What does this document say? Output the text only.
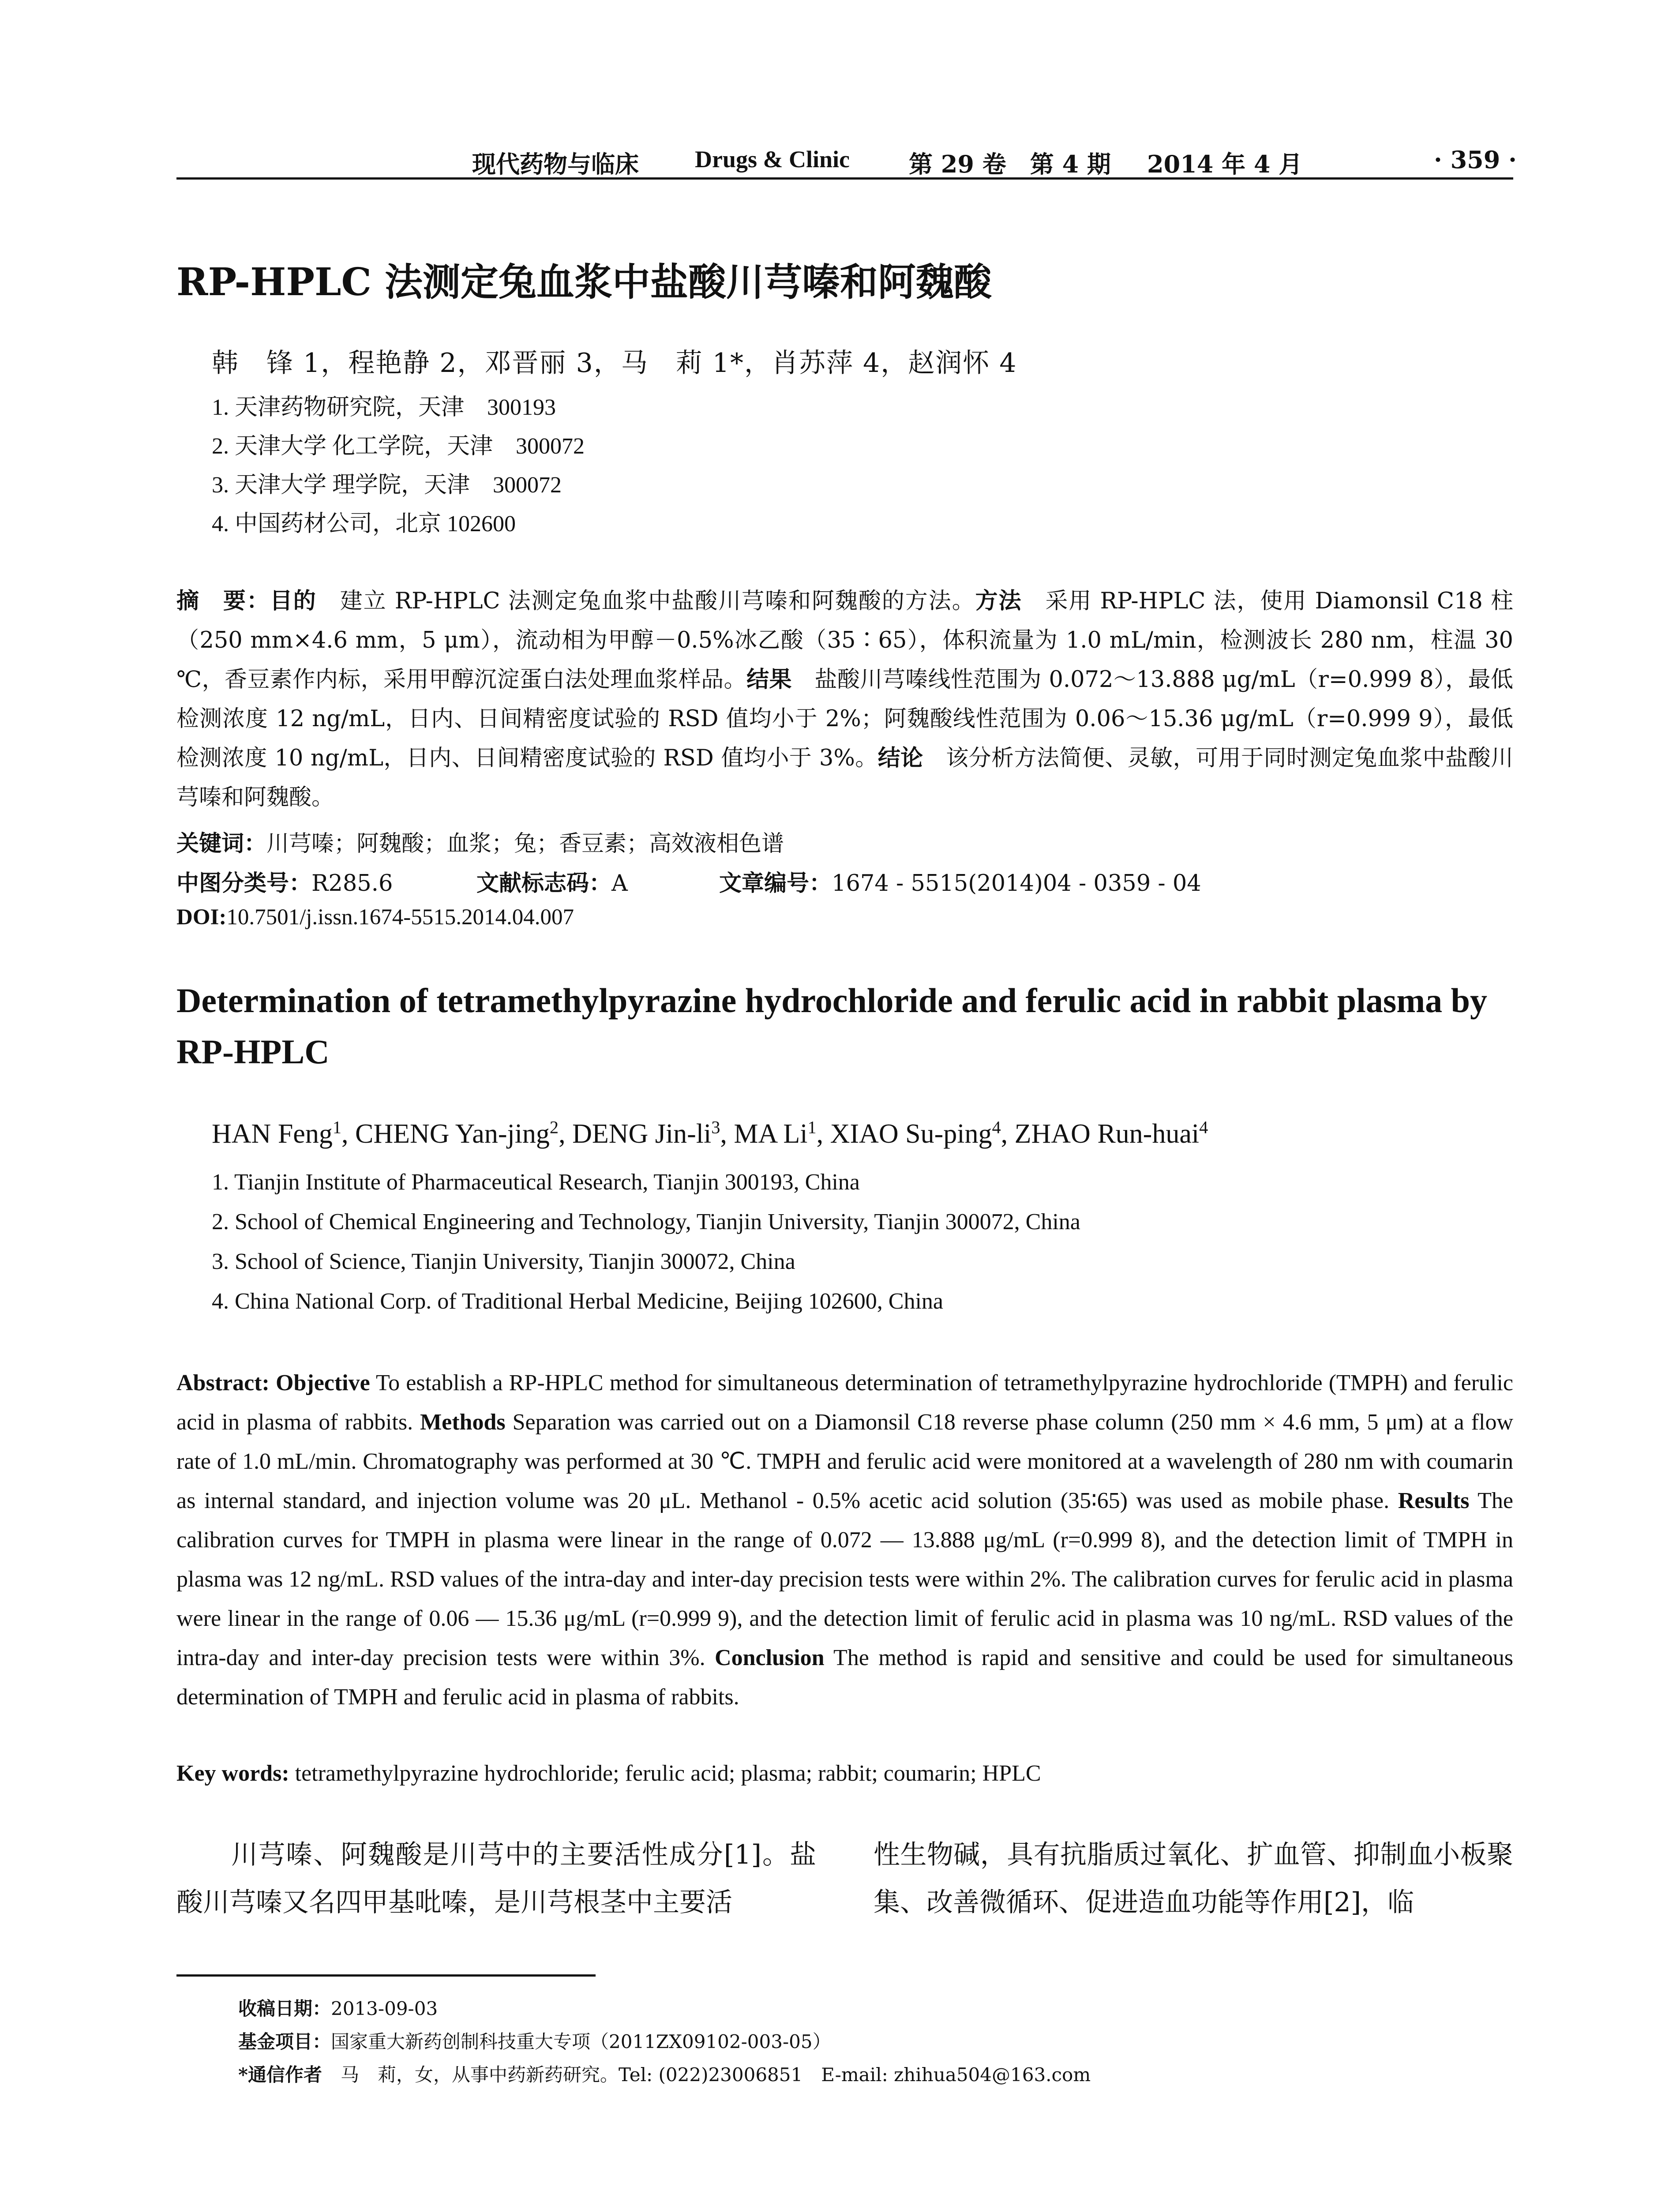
现代药物与临床 Drugs & Clinic 第 29 卷　第 4 期 2014 年 4 月	· 359 ·
RP-HPLC 法测定兔血浆中盐酸川芎嗪和阿魏酸
韩　锋 1，程艳静 2，邓晋丽 3，马　莉 1*，肖苏萍 4，赵润怀 4
1. 天津药物研究院，天津　300193
2. 天津大学 化工学院，天津　300072
3. 天津大学 理学院，天津　300072
4. 中国药材公司，北京 102600
摘　要：目的　建立 RP-HPLC 法测定兔血浆中盐酸川芎嗪和阿魏酸的方法。方法　采用 RP-HPLC 法，使用 Diamonsil C18 柱（250 mm×4.6 mm，5 μm），流动相为甲醇－0.5%冰乙酸（35∶65），体积流量为 1.0 mL/min，检测波长 280 nm，柱温 30 ℃，香豆素作内标，采用甲醇沉淀蛋白法处理血浆样品。结果　盐酸川芎嗪线性范围为 0.072～13.888 μg/mL（r=0.999 8），最低检测浓度 12 ng/mL，日内、日间精密度试验的 RSD 值均小于 2%；阿魏酸线性范围为 0.06～15.36 μg/mL（r=0.999 9），最低检测浓度 10 ng/mL，日内、日间精密度试验的 RSD 值均小于 3%。结论　该分析方法简便、灵敏，可用于同时测定兔血浆中盐酸川芎嗪和阿魏酸。
关键词：川芎嗪；阿魏酸；血浆；兔；香豆素；高效液相色谱
中图分类号：R285.6	文献标志码：A	文章编号：1674 - 5515(2014)04 - 0359 - 04
DOI:10.7501/j.issn.1674-5515.2014.04.007
Determination of tetramethylpyrazine hydrochloride and ferulic acid in rabbit plasma by RP-HPLC
HAN Feng$^1$, CHENG Yan-jing$^2$, DENG Jin-$li^3$, MA Li$^1$, XIAO Su-ping$^4$, ZHAO Run-huai$^4$
1. Tianjin Institute of Pharmaceutical Research, Tianjin 300193, China
2. School of Chemical Engineering and Technology, Tianjin University, Tianjin 300072, China
3. School of Science, Tianjin University, Tianjin 300072, China
4. China National Corp. of Traditional Herbal Medicine, Beijing 102600, China
Abstract: Objective To establish a RP-HPLC method for simultaneous determination of tetramethylpyrazine hydrochloride (TMPH) and ferulic acid in plasma of rabbits. Methods Separation was carried out on a Diamonsil C18 reverse phase column (250 mm × 4.6 mm, 5 μm) at a flow rate of 1.0 mL/min. Chromatography was performed at 30 ℃. TMPH and ferulic acid were monitored at a wavelength of 280 nm with coumarin as internal standard, and injection volume was 20 μL. Methanol - 0.5% acetic acid solution (35∶65) was used as mobile phase. Results The calibration curves for TMPH in plasma were linear in the range of 0.072 — 13.888 μg/mL (r=0.999 8), and the detection limit of TMPH in plasma was 12 ng/mL. RSD values of the intra-day and inter-day precision tests were within 2%. The calibration curves for ferulic acid in plasma were linear in the range of 0.06 — 15.36 μg/mL (r=0.999 9), and the detection limit of ferulic acid in plasma was 10 ng/mL. RSD values of the intra-day and inter-day precision tests were within 3%. Conclusion The method is rapid and sensitive and could be used for simultaneous determination of TMPH and ferulic acid in plasma of rabbits.
Key words: tetramethylpyrazine hydrochloride; ferulic acid; plasma; rabbit; coumarin; HPLC
　　川芎嗪、阿魏酸是川芎中的主要活性成分[1]。盐酸川芎嗪又名四甲基吡嗪，是川芎根茎中主要活
性生物碱，具有抗脂质过氧化、扩血管、抑制血小板聚集、改善微循环、促进造血功能等作用[2]，临
收稿日期：2013-09-03
基金项目：国家重大新药创制科技重大专项（2011ZX09102-003-05）
*通信作者　马　莉，女，从事中药新药研究。Tel: (022)23006851　E-mail: zhihua504@163.com
